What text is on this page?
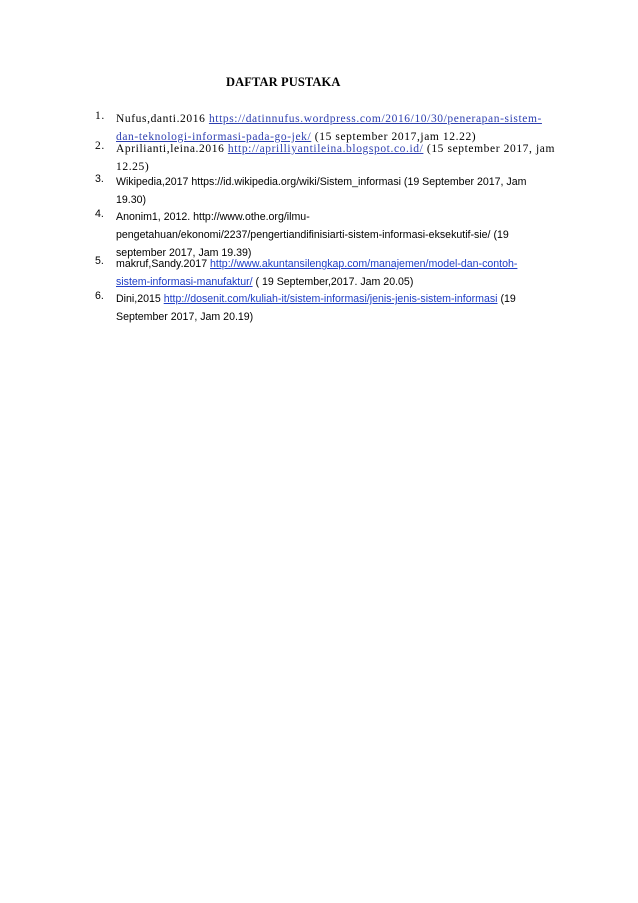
DAFTAR PUSTAKA
1. Nufus,danti.2016 https://datinnufus.wordpress.com/2016/10/30/penerapan-sistem-
dan-teknologi-informasi-pada-go-jek/ (15 september 2017,jam 12.22)
2. Aprilianti,leina.2016 http://aprilliyantileina.blogspot.co.id/ (15 september 2017, jam
12.25)
3.	Wikipedia,2017 https://id.wikipedia.org/wiki/Sistem_informasi (19 September 2017, Jam
19.30)
4.	Anonim1, 2012. http://www.othe.org/ilmu-
pengetahuan/ekonomi/2237/pengertiandifinisiarti-sistem-informasi-eksekutif-sie/ (19
september 2017, Jam 19.39)
5.	makruf,Sandy.2017 http://www.akuntansilengkap.com/manajemen/model-dan-contoh-
sistem-informasi-manufaktur/ ( 19 September,2017. Jam 20.05)
6.	Dini,2015 http://dosenit.com/kuliah-it/sistem-informasi/jenis-jenis-sistem-informasi (19
September 2017, Jam 20.19)
